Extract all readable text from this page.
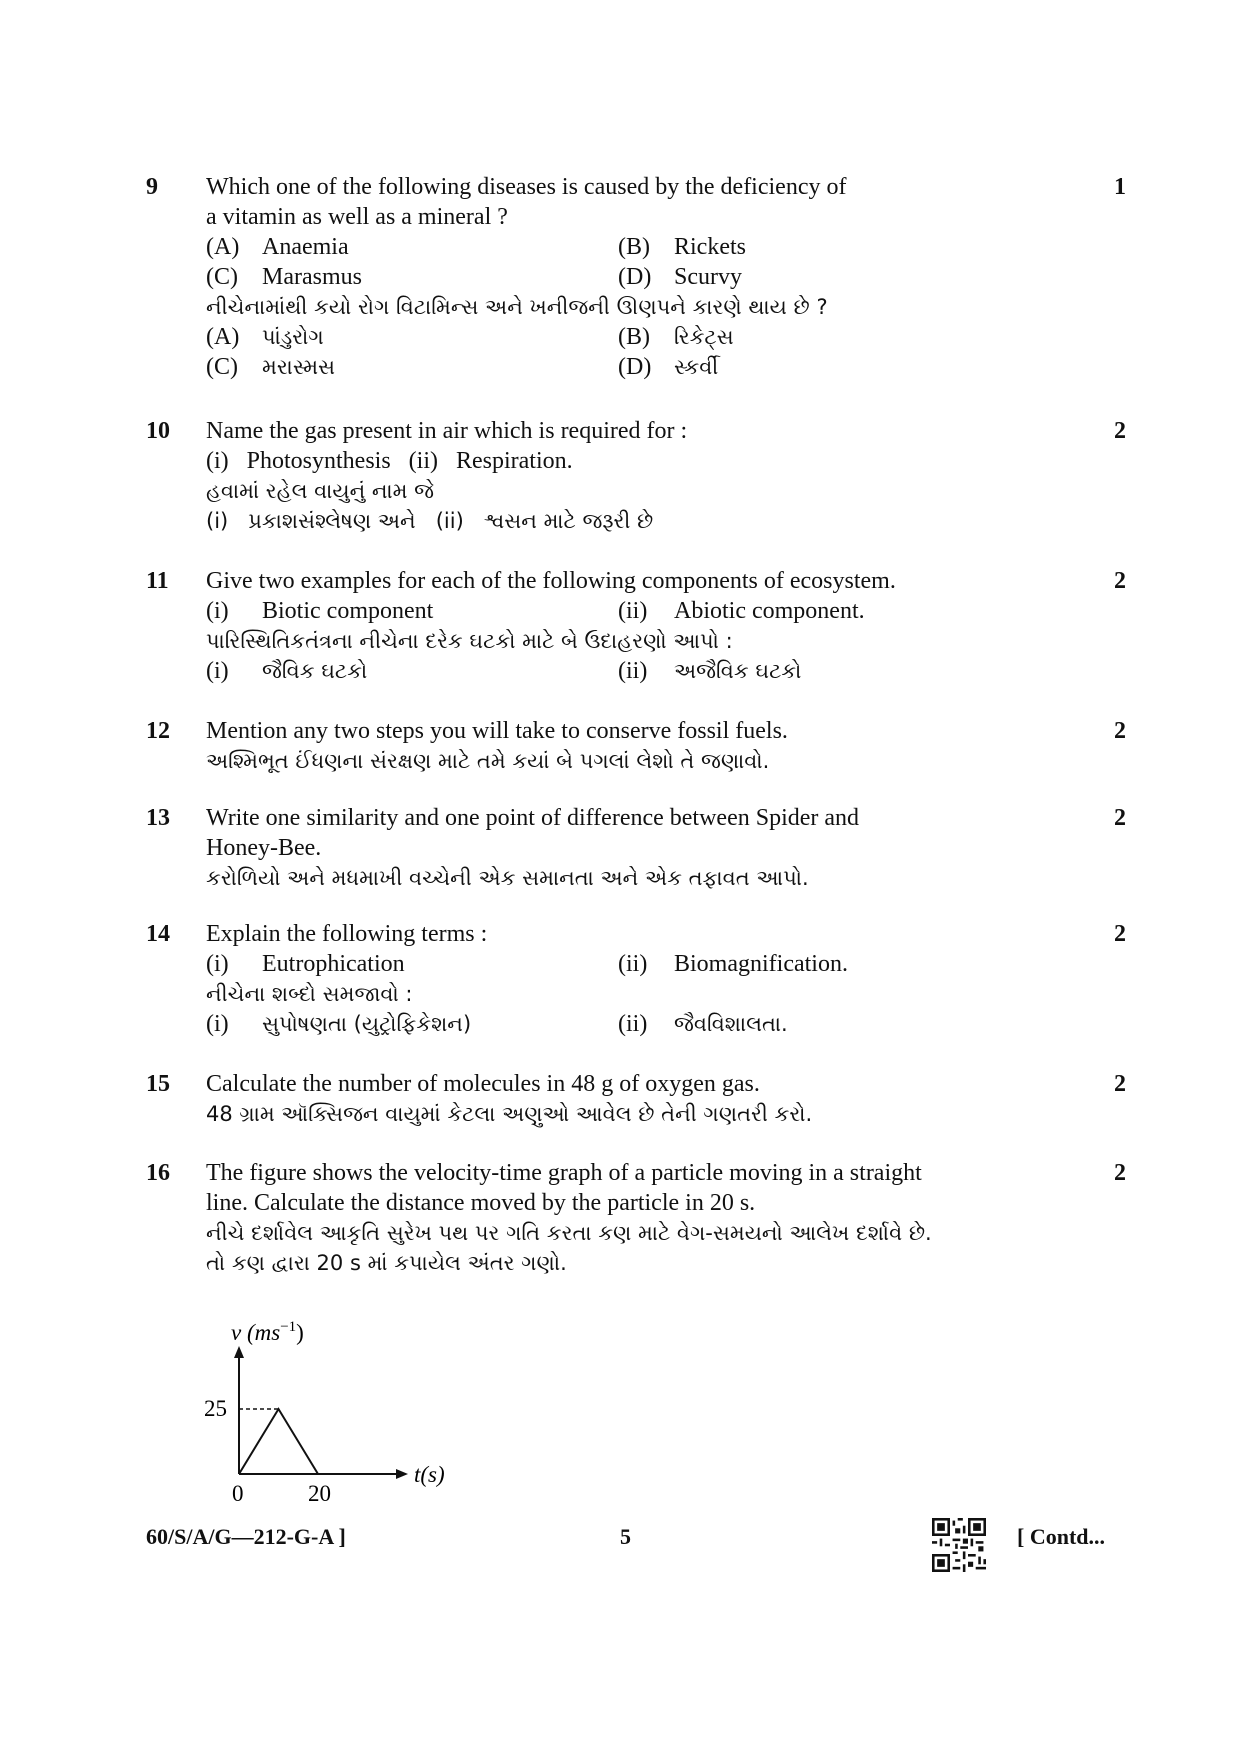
9	1
Which one of the following diseases is caused by the deficiency of
a vitamin as well as a mineral ?
(A) Anaemia	(B) Rickets
(C) Marasmus	(D) Scurvy
નીચેનામાંથી કયો રોગ વિટામિન્સ અને ખનીજની ઊણપને કારણે થાય છે ?
(A) પાંડુરોગ	(B) રિકેટ્સ
(C) મરાસ્મસ	(D) સ્કર્વી
10	2
Name the gas present in air which is required for :
(i)   Photosynthesis   (ii)   Respiration.
હવામાં રહેલ વાયુનું નામ જે
(i)   પ્રકાશસંશ્લેષણ અને   (ii)   શ્વસન માટે જરૂરી છે
11	2
Give two examples for each of the following components of ecosystem.
(i) Biotic component	(ii) Abiotic component.
પારિસ્થિતિકતંત્રના નીચેના દરેક ઘટકો માટે બે ઉદાહરણો આપો :
(i) જૈવિક ઘટકો	(ii) અજૈવિક ઘટકો
12	2
Mention any two steps you will take to conserve fossil fuels.
અશ્મિભૂત ઈંધણના સંરક્ષણ માટે તમે કયાં બે પગલાં લેશો તે જણાવો.
13	2
Write one similarity and one point of difference between Spider and
Honey-Bee.
કરોળિયો અને મધમાખી વચ્ચેની એક સમાનતા અને એક તફાવત આપો.
14	2
Explain the following terms :
(i) Eutrophication	(ii) Biomagnification.
નીચેના શબ્દો સમજાવો :
(i) સુપોષણતા (યુટ્રોફિકેશન)	(ii) જૈવવિશાલતા.
15	2
Calculate the number of molecules in 48 g of oxygen gas.
48 ગ્રામ ઑક્સિજન વાયુમાં કેટલા અણુઓ આવેલ છે તેની ગણતરી કરો.
16	2
The figure shows the velocity-time graph of a particle moving in a straight
line. Calculate the distance moved by the particle in 20 s.
નીચે દર્શાવેલ આકૃતિ સુરેખ પથ પર ગતિ કરતા કણ માટે વેગ-સમયનો આલેખ દર્શાવે છે.
તો કણ દ્વારા 20 s માં કપાયેલ અંતર ગણો.
v $(ms^{-1})$
t(s)
25
0	20
60/S/A/G—212-G-A ]	5	[ Contd...
